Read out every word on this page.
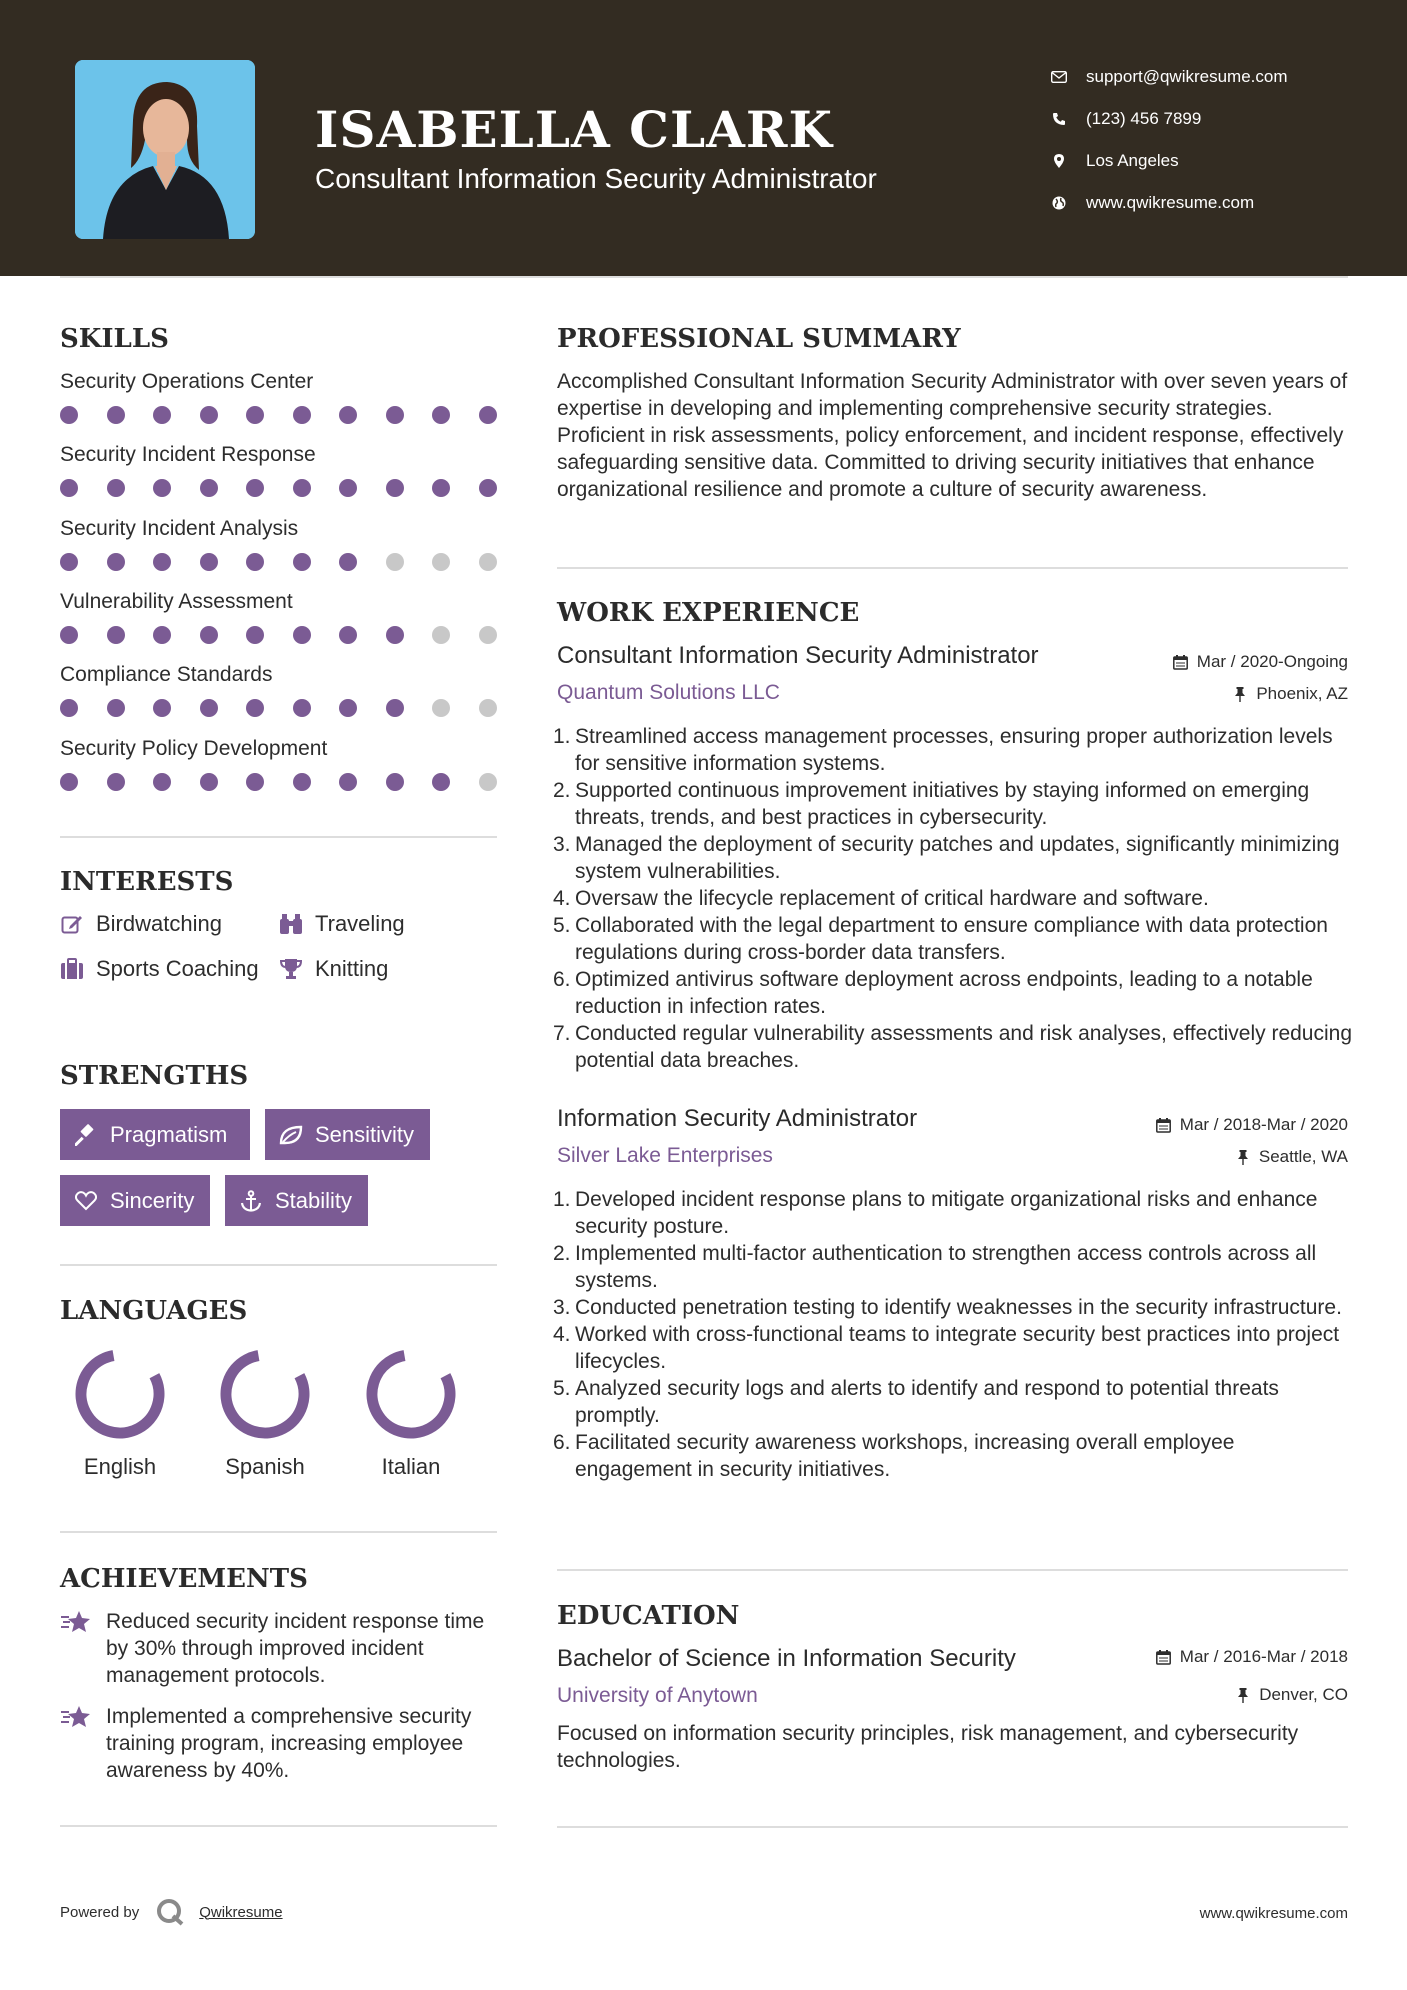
ISABELLA CLARK
Consultant Information Security Administrator
support@qwikresume.com
(123) 456 7899
Los Angeles
www.qwikresume.com
SKILLS
Security Operations Center
Security Incident Response
Security Incident Analysis
Vulnerability Assessment
Compliance Standards
Security Policy Development
INTERESTS
Birdwatching	Traveling
Sports Coaching	Knitting
STRENGTHS
Pragmatism	Sensitivity
Sincerity	Stability
LANGUAGES
English	Spanish	Italian
ACHIEVEMENTS
Reduced security incident response time by 30% through improved incident management protocols.
Implemented a comprehensive security training program, increasing employee awareness by 40%.
PROFESSIONAL SUMMARY
Accomplished Consultant Information Security Administrator with over seven years of expertise in developing and implementing comprehensive security strategies. Proficient in risk assessments, policy enforcement, and incident response, effectively safeguarding sensitive data. Committed to driving security initiatives that enhance organizational resilience and promote a culture of security awareness.
WORK EXPERIENCE
Consultant Information Security Administrator
Quantum Solutions LLC
Mar / 2020-Ongoing
Phoenix, AZ
1. Streamlined access management processes, ensuring proper authorization levels for sensitive information systems.
2. Supported continuous improvement initiatives by staying informed on emerging threats, trends, and best practices in cybersecurity.
3. Managed the deployment of security patches and updates, significantly minimizing system vulnerabilities.
4. Oversaw the lifecycle replacement of critical hardware and software.
5. Collaborated with the legal department to ensure compliance with data protection regulations during cross-border data transfers.
6. Optimized antivirus software deployment across endpoints, leading to a notable reduction in infection rates.
7. Conducted regular vulnerability assessments and risk analyses, effectively reducing potential data breaches.
Information Security Administrator
Silver Lake Enterprises
Mar / 2018-Mar / 2020
Seattle, WA
1. Developed incident response plans to mitigate organizational risks and enhance security posture.
2. Implemented multi-factor authentication to strengthen access controls across all systems.
3. Conducted penetration testing to identify weaknesses in the security infrastructure.
4. Worked with cross-functional teams to integrate security best practices into project lifecycles.
5. Analyzed security logs and alerts to identify and respond to potential threats promptly.
6. Facilitated security awareness workshops, increasing overall employee engagement in security initiatives.
EDUCATION
Bachelor of Science in Information Security
University of Anytown
Mar / 2016-Mar / 2018
Denver, CO
Focused on information security principles, risk management, and cybersecurity technologies.
Powered by	Qwikresume	www.qwikresume.com
